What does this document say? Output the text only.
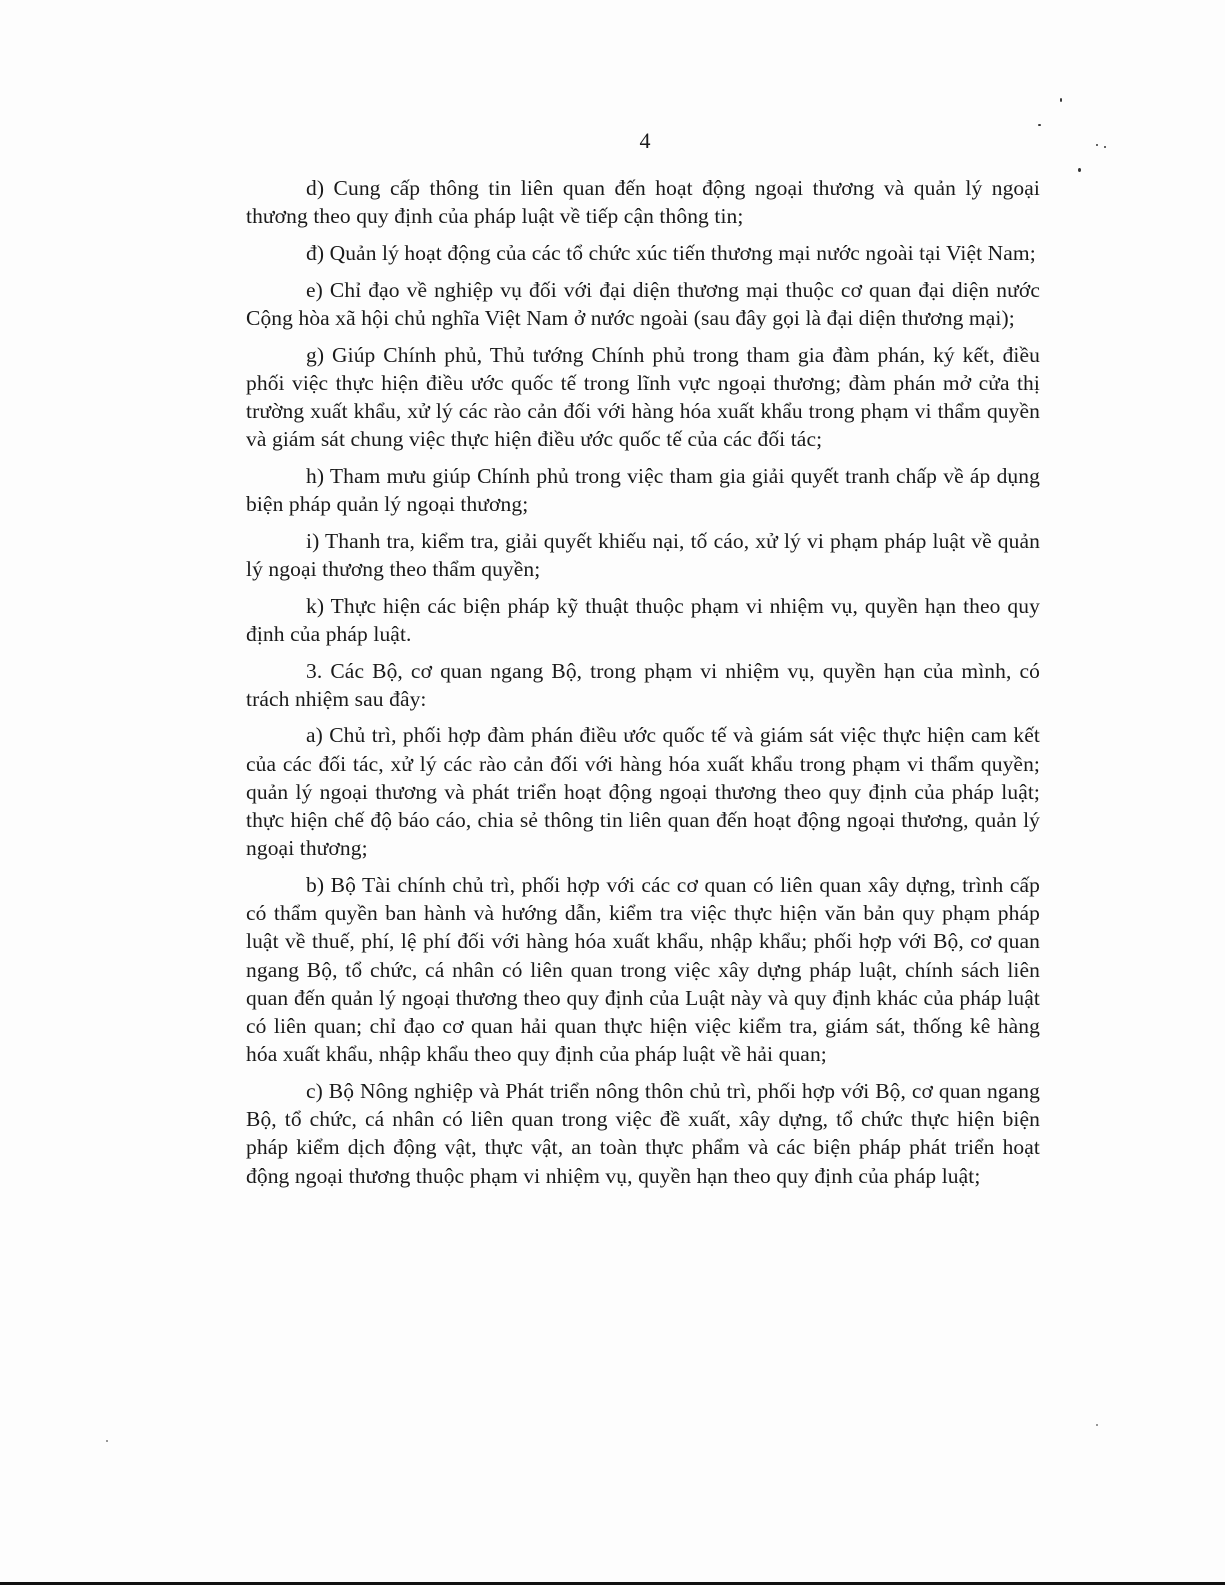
4

d) Cung cấp thông tin liên quan đến hoạt động ngoại thương và quản lý ngoại thương theo quy định của pháp luật về tiếp cận thông tin;

đ) Quản lý hoạt động của các tổ chức xúc tiến thương mại nước ngoài tại Việt Nam;

e) Chỉ đạo về nghiệp vụ đối với đại diện thương mại thuộc cơ quan đại diện nước Cộng hòa xã hội chủ nghĩa Việt Nam ở nước ngoài (sau đây gọi là đại diện thương mại);

g) Giúp Chính phủ, Thủ tướng Chính phủ trong tham gia đàm phán, ký kết, điều phối việc thực hiện điều ước quốc tế trong lĩnh vực ngoại thương; đàm phán mở cửa thị trường xuất khẩu, xử lý các rào cản đối với hàng hóa xuất khẩu trong phạm vi thẩm quyền và giám sát chung việc thực hiện điều ước quốc tế của các đối tác;

h) Tham mưu giúp Chính phủ trong việc tham gia giải quyết tranh chấp về áp dụng biện pháp quản lý ngoại thương;

i) Thanh tra, kiểm tra, giải quyết khiếu nại, tố cáo, xử lý vi phạm pháp luật về quản lý ngoại thương theo thẩm quyền;

k) Thực hiện các biện pháp kỹ thuật thuộc phạm vi nhiệm vụ, quyền hạn theo quy định của pháp luật.

3. Các Bộ, cơ quan ngang Bộ, trong phạm vi nhiệm vụ, quyền hạn của mình, có trách nhiệm sau đây:

a) Chủ trì, phối hợp đàm phán điều ước quốc tế và giám sát việc thực hiện cam kết của các đối tác, xử lý các rào cản đối với hàng hóa xuất khẩu trong phạm vi thẩm quyền; quản lý ngoại thương và phát triển hoạt động ngoại thương theo quy định của pháp luật; thực hiện chế độ báo cáo, chia sẻ thông tin liên quan đến hoạt động ngoại thương, quản lý ngoại thương;

b) Bộ Tài chính chủ trì, phối hợp với các cơ quan có liên quan xây dựng, trình cấp có thẩm quyền ban hành và hướng dẫn, kiểm tra việc thực hiện văn bản quy phạm pháp luật về thuế, phí, lệ phí đối với hàng hóa xuất khẩu, nhập khẩu; phối hợp với Bộ, cơ quan ngang Bộ, tổ chức, cá nhân có liên quan trong việc xây dựng pháp luật, chính sách liên quan đến quản lý ngoại thương theo quy định của Luật này và quy định khác của pháp luật có liên quan; chỉ đạo cơ quan hải quan thực hiện việc kiểm tra, giám sát, thống kê hàng hóa xuất khẩu, nhập khẩu theo quy định của pháp luật về hải quan;

c) Bộ Nông nghiệp và Phát triển nông thôn chủ trì, phối hợp với Bộ, cơ quan ngang Bộ, tổ chức, cá nhân có liên quan trong việc đề xuất, xây dựng, tổ chức thực hiện biện pháp kiểm dịch động vật, thực vật, an toàn thực phẩm và các biện pháp phát triển hoạt động ngoại thương thuộc phạm vi nhiệm vụ, quyền hạn theo quy định của pháp luật;
